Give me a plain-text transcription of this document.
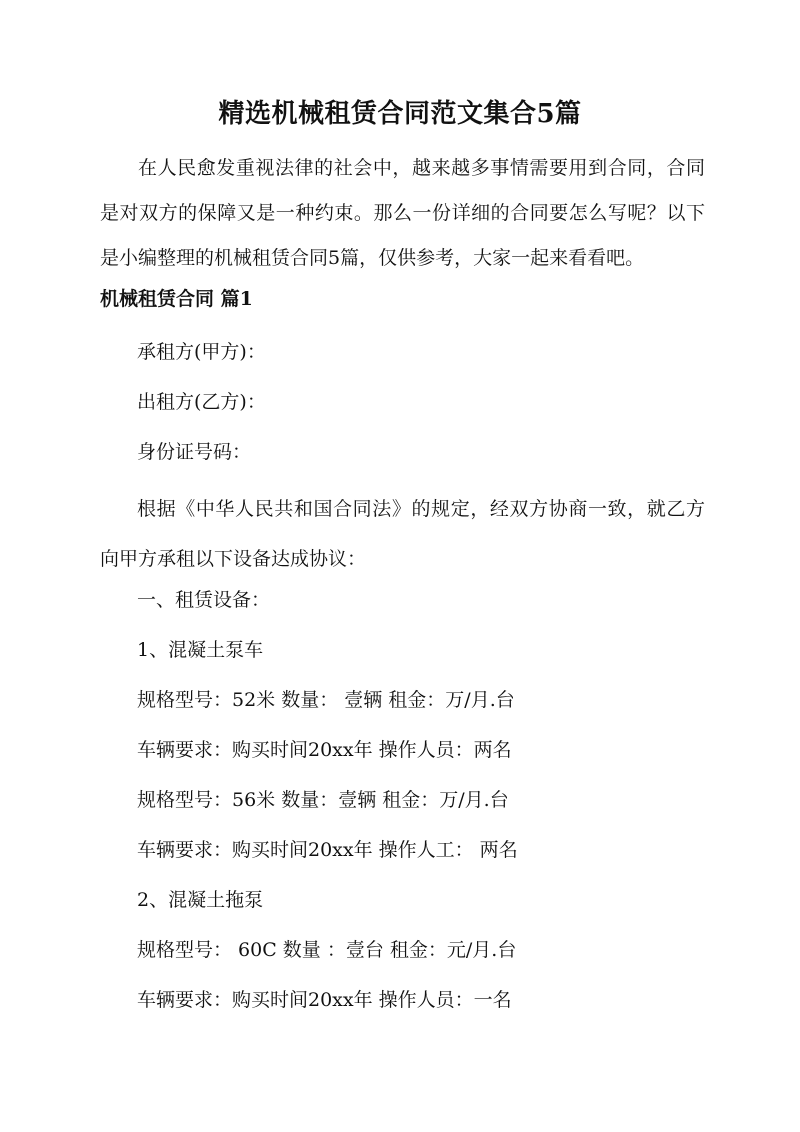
精选机械租赁合同范文集合5篇
在人民愈发重视法律的社会中，越来越多事情需要用到合同，合同是对双方的保障又是一种约束。那么一份详细的合同要怎么写呢？以下是小编整理的机械租赁合同5篇，仅供参考，大家一起来看看吧。
机械租赁合同 篇1
承租方(甲方)：
出租方(乙方)：
身份证号码：
根据《中华人民共和国合同法》的规定，经双方协商一致，就乙方向甲方承租以下设备达成协议：
一、租赁设备：
1、混凝土泵车
规格型号：52米 数量： 壹辆 租金：万/月.台
车辆要求：购买时间20xx年 操作人员：两名
规格型号：56米 数量：壹辆 租金：万/月.台
车辆要求：购买时间20xx年 操作人工： 两名
2、混凝土拖泵
规格型号： 60C 数量 ：壹台 租金：元/月.台
车辆要求：购买时间20xx年 操作人员：一名
